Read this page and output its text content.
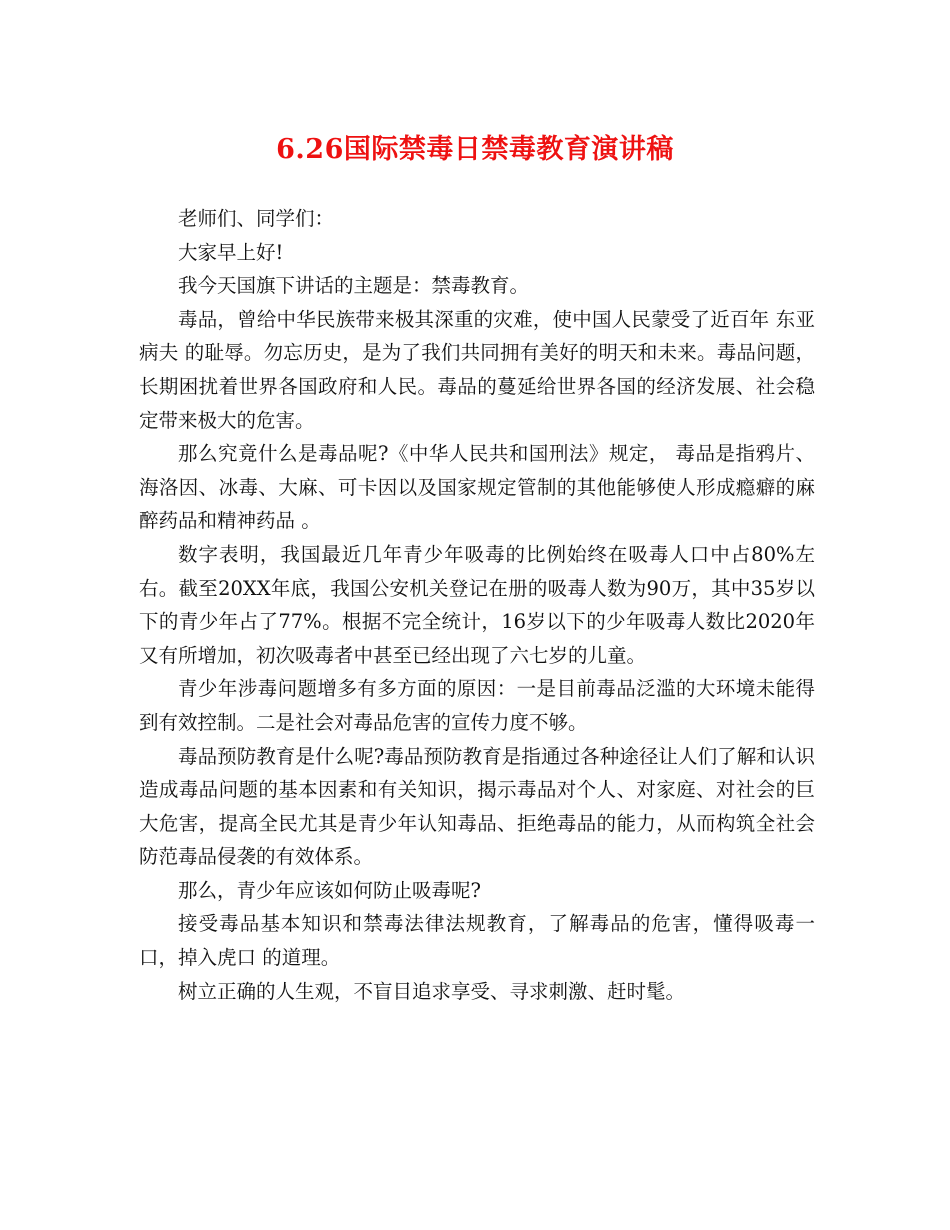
6.26国际禁毒日禁毒教育演讲稿

老师们、同学们：

大家早上好!

我今天国旗下讲话的主题是：禁毒教育。

毒品，曾给中华民族带来极其深重的灾难，使中国人民蒙受了近百年 东亚病夫 的耻辱。勿忘历史，是为了我们共同拥有美好的明天和未来。毒品问题，长期困扰着世界各国政府和人民。毒品的蔓延给世界各国的经济发展、社会稳定带来极大的危害。

那么究竟什么是毒品呢?《中华人民共和国刑法》规定， 毒品是指鸦片、海洛因、冰毒、大麻、可卡因以及国家规定管制的其他能够使人形成瘾癖的麻醉药品和精神药品 。

数字表明，我国最近几年青少年吸毒的比例始终在吸毒人口中占80%左右。截至20XX年底，我国公安机关登记在册的吸毒人数为90万，其中35岁以下的青少年占了77%。根据不完全统计，16岁以下的少年吸毒人数比2020年又有所增加，初次吸毒者中甚至已经出现了六七岁的儿童。

青少年涉毒问题增多有多方面的原因：一是目前毒品泛滥的大环境未能得到有效控制。二是社会对毒品危害的宣传力度不够。

毒品预防教育是什么呢?毒品预防教育是指通过各种途径让人们了解和认识造成毒品问题的基本因素和有关知识，揭示毒品对个人、对家庭、对社会的巨大危害，提高全民尤其是青少年认知毒品、拒绝毒品的能力，从而构筑全社会防范毒品侵袭的有效体系。

那么，青少年应该如何防止吸毒呢?

接受毒品基本知识和禁毒法律法规教育，了解毒品的危害，懂得吸毒一口，掉入虎口 的道理。

树立正确的人生观，不盲目追求享受、寻求刺激、赶时髦。
